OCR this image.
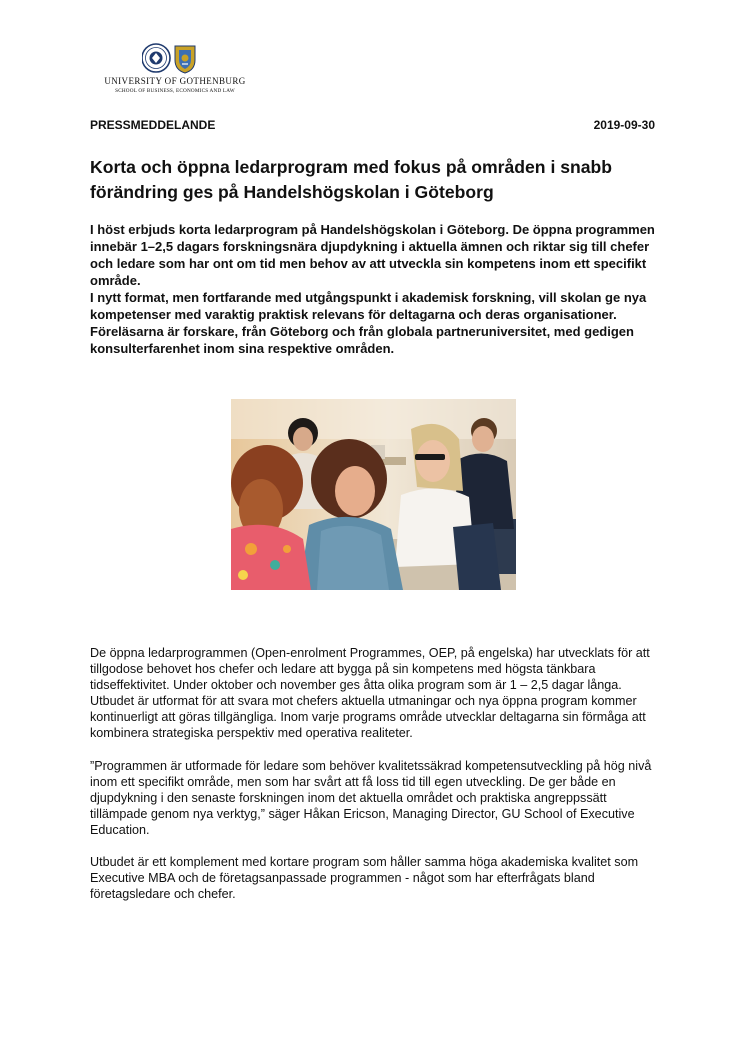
UNIVERSITY OF GOTHENBURG
SCHOOL OF BUSINESS, ECONOMICS AND LAW
PRESSMEDDELANDE	2019-09-30
Korta och öppna ledarprogram med fokus på områden i snabb förändring ges på Handelshögskolan i Göteborg

I höst erbjuds korta ledarprogram på Handelshögskolan i Göteborg. De öppna programmen innebär 1–2,5 dagars forskningsnära djupdykning i aktuella ämnen och riktar sig till chefer och ledare som har ont om tid men behov av att utveckla sin kompetens inom ett specifikt område.

I nytt format, men fortfarande med utgångspunkt i akademisk forskning, vill skolan ge nya kompetenser med varaktig praktisk relevans för deltagarna och deras organisationer. Föreläsarna är forskare, från Göteborg och från globala partneruniversitet, med gedigen konsulterfarenhet inom sina respektive områden.

De öppna ledarprogrammen (Open-enrolment Programmes, OEP, på engelska) har utvecklats för att tillgodose behovet hos chefer och ledare att bygga på sin kompetens med högsta tänkbara tidseffektivitet. Under oktober och november ges åtta olika program som är 1 – 2,5 dagar långa. Utbudet är utformat för att svara mot chefers aktuella utmaningar och nya öppna program kommer kontinuerligt att göras tillgängliga. Inom varje programs område utvecklar deltagarna sin förmåga att kombinera strategiska perspektiv med operativa realiteter.

”Programmen är utformade för ledare som behöver kvalitetssäkrad kompetensutveckling på hög nivå inom ett specifikt område, men som har svårt att få loss tid till egen utveckling. De ger både en djupdykning i den senaste forskningen inom det aktuella området och praktiska angreppssätt tillämpade genom nya verktyg,” säger Håkan Ericson, Managing Director, GU School of Executive Education.

Utbudet är ett komplement med kortare program som håller samma höga akademiska kvalitet som Executive MBA och de företagsanpassade programmen - något som har efterfrågats bland företagsledare och chefer.
